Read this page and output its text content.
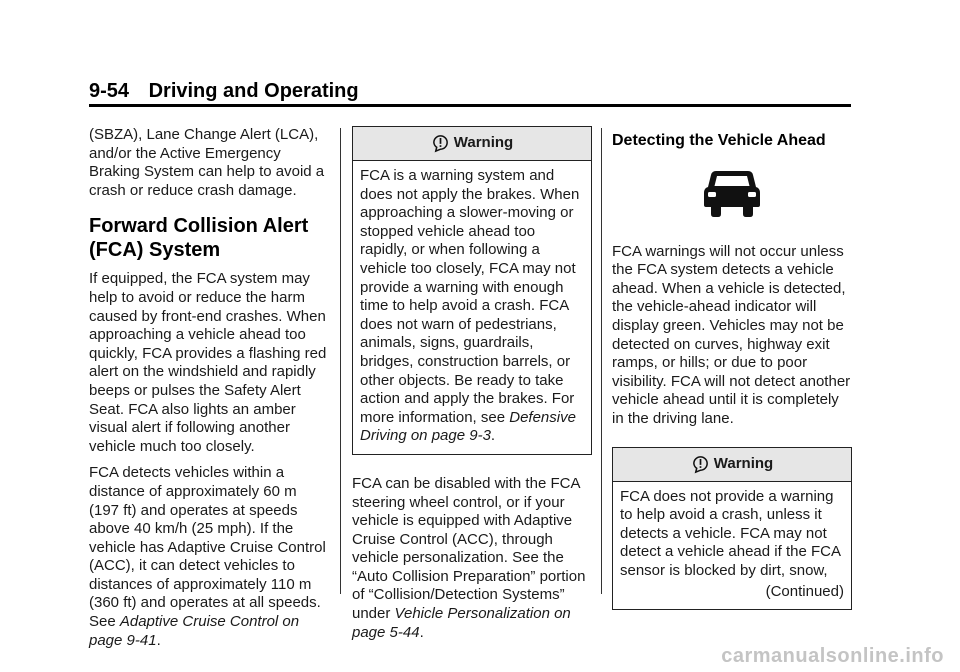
9-54 Driving and Operating

(SBZA), Lane Change Alert (LCA), and/or the Active Emergency Braking System can help to avoid a crash or reduce crash damage.

Forward Collision Alert (FCA) System

If equipped, the FCA system may help to avoid or reduce the harm caused by front-end crashes. When approaching a vehicle ahead too quickly, FCA provides a flashing red alert on the windshield and rapidly beeps or pulses the Safety Alert Seat. FCA also lights an amber visual alert if following another vehicle much too closely.

FCA detects vehicles within a distance of approximately 60 m (197 ft) and operates at speeds above 40 km/h (25 mph). If the vehicle has Adaptive Cruise Control (ACC), it can detect vehicles to distances of approximately 110 m (360 ft) and operates at all speeds. See Adaptive Cruise Control on page 9-41.

Warning
FCA is a warning system and does not apply the brakes. When approaching a slower-moving or stopped vehicle ahead too rapidly, or when following a vehicle too closely, FCA may not provide a warning with enough time to help avoid a crash. FCA does not warn of pedestrians, animals, signs, guardrails, bridges, construction barrels, or other objects. Be ready to take action and apply the brakes. For more information, see Defensive Driving on page 9-3.

FCA can be disabled with the FCA steering wheel control, or if your vehicle is equipped with Adaptive Cruise Control (ACC), through vehicle personalization. See the “Auto Collision Preparation” portion of “Collision/Detection Systems” under Vehicle Personalization on page 5-44.

Detecting the Vehicle Ahead

FCA warnings will not occur unless the FCA system detects a vehicle ahead. When a vehicle is detected, the vehicle-ahead indicator will display green. Vehicles may not be detected on curves, highway exit ramps, or hills; or due to poor visibility. FCA will not detect another vehicle ahead until it is completely in the driving lane.

Warning
FCA does not provide a warning to help avoid a crash, unless it detects a vehicle. FCA may not detect a vehicle ahead if the FCA sensor is blocked by dirt, snow,
(Continued)
carmanualsonline.info
